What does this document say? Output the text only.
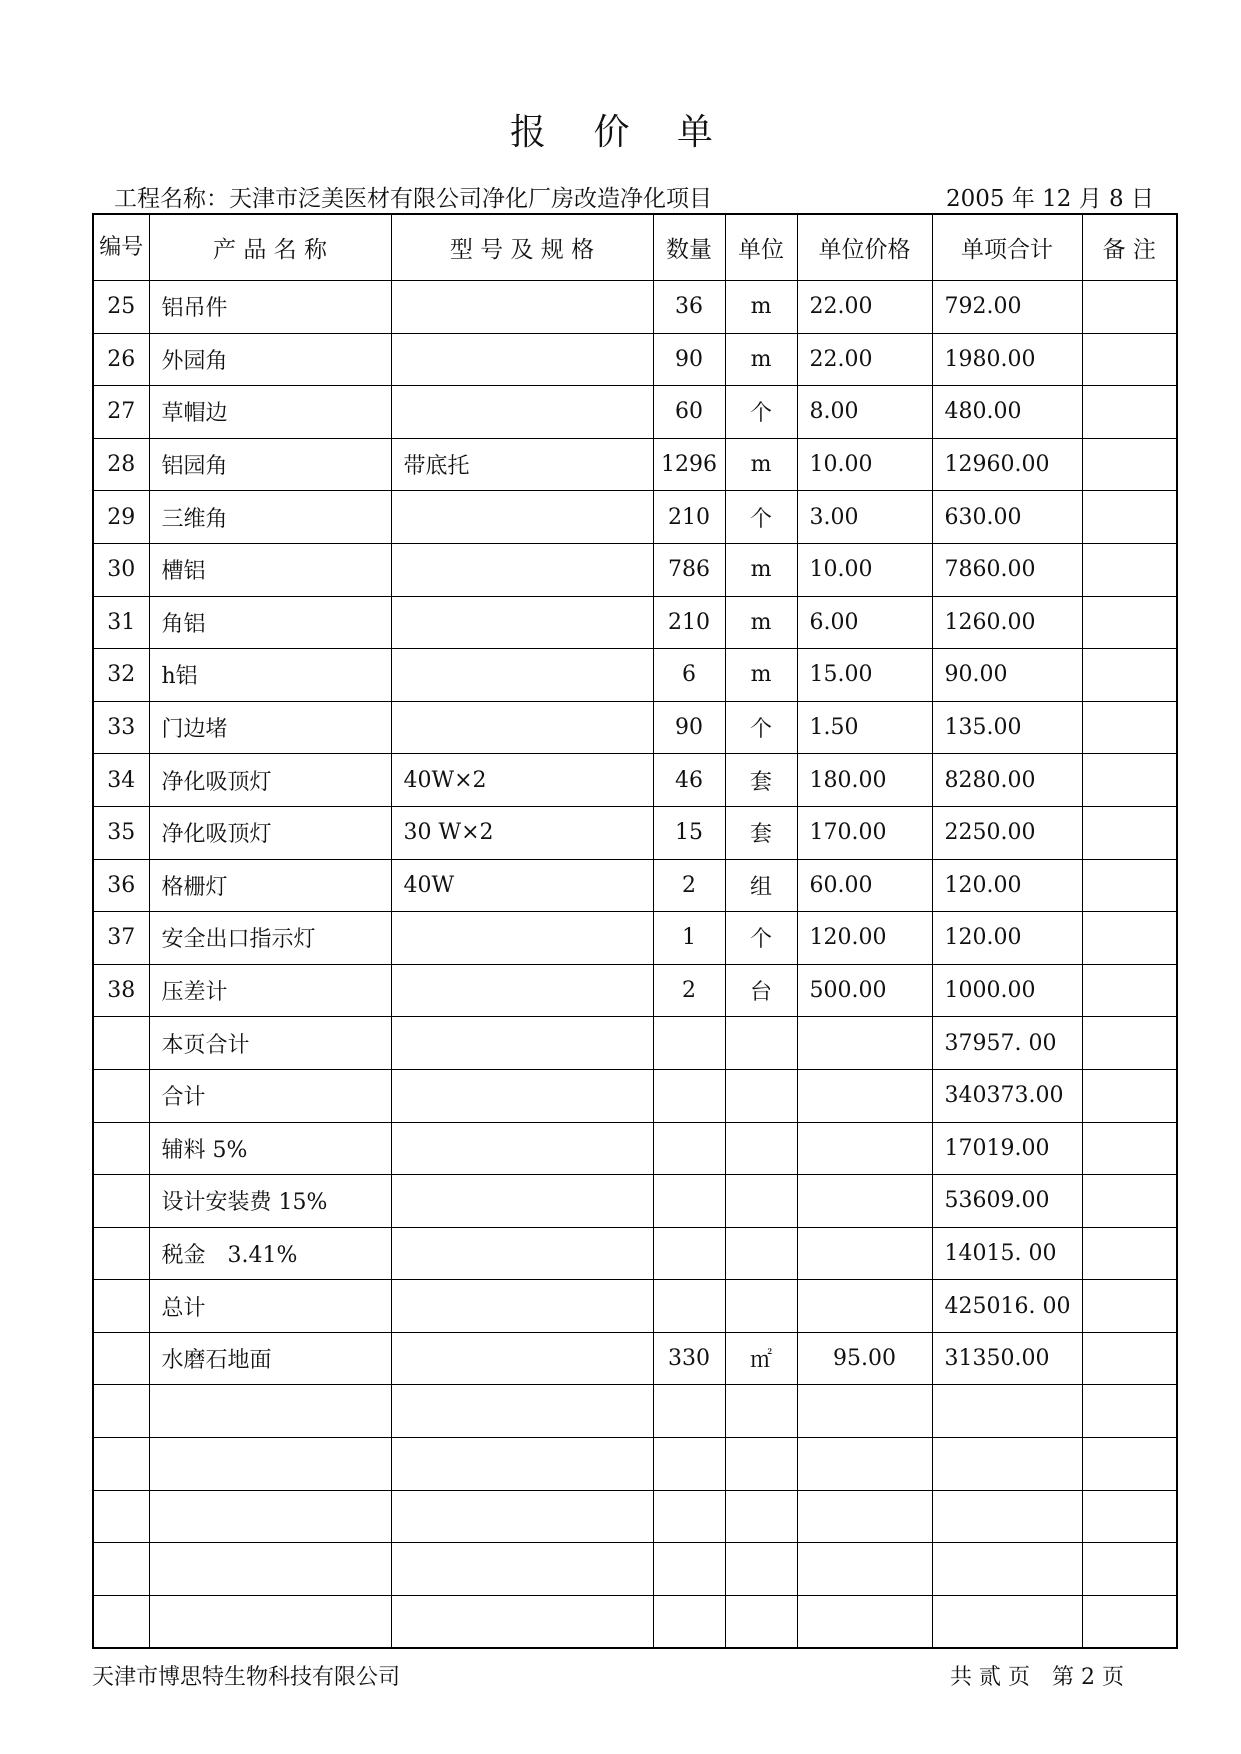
报 价 单
工程名称：天津市泛美医材有限公司净化厂房改造净化项目	2005 年 12 月 8 日
编号	产 品 名 称	型 号 及 规 格	数量	单位	单位价格	单项合计	备 注
25	铝吊件		36	m	22.00	792.00	
26	外园角		90	m	22.00	1980.00	
27	草帽边		60	个	8.00	480.00	
28	铝园角	带底托	1296	m	10.00	12960.00	
29	三维角		210	个	3.00	630.00	
30	槽铝		786	m	10.00	7860.00	
31	角铝		210	m	6.00	1260.00	
32	h铝		6	m	15.00	90.00	
33	门边堵		90	个	1.50	135.00	
34	净化吸顶灯	40W×2	46	套	180.00	8280.00	
35	净化吸顶灯	30 W×2	15	套	170.00	2250.00	
36	格栅灯	40W	2	组	60.00	120.00	
37	安全出口指示灯		1	个	120.00	120.00	
38	压差计		2	台	500.00	1000.00	
	本页合计					37957. 00	
	合计					340373.00	
	辅料 5%					17019.00	
	设计安装费 15%					53609.00	
	税金　3.41%					14015. 00	
	总计					425016. 00	
	水磨石地面		330	㎡	95.00	31350.00	

天津市博思特生物科技有限公司	共 贰 页　第 2 页
